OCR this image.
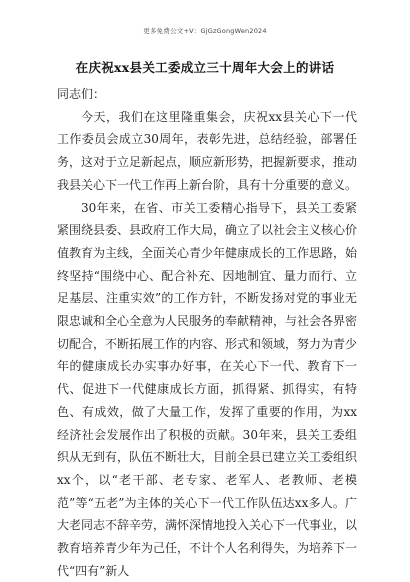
更多免费公文+V：GjGzGongWen2024
在庆祝xx县关工委成立三十周年大会上的讲话

同志们：

今天，我们在这里隆重集会，庆祝xx县关心下一代工作委员会成立30周年，表彰先进，总结经验，部署任务，这对于立足新起点，顺应新形势，把握新要求，推动我县关心下一代工作再上新台阶，具有十分重要的意义。

30年来，在省、市关工委精心指导下，县关工委紧紧围绕县委、县政府工作大局，确立了以社会主义核心价值教育为主线，全面关心青少年健康成长的工作思路，始终坚持“围绕中心、配合补充、因地制宜、量力而行、立足基层、注重实效”的工作方针，不断发扬对党的事业无限忠诚和全心全意为人民服务的奉献精神，与社会各界密切配合，不断拓展工作的内容、形式和领域，努力为青少年的健康成长办实事办好事，在关心下一代、教育下一代、促进下一代健康成长方面，抓得紧、抓得实，有特色、有成效，做了大量工作，发挥了重要的作用，为xx经济社会发展作出了积极的贡献。30年来，县关工委组织从无到有，队伍不断壮大，目前全县已建立关工委组织xx个，以“老干部、老专家、老军人、老教师、老模范”等“五老”为主体的关心下一代工作队伍达xx多人。广大老同志不辞辛劳，满怀深情地投入关心下一代事业，以教育培养青少年为己任，不计个人名利得失，为培养下一代“四有”新人
